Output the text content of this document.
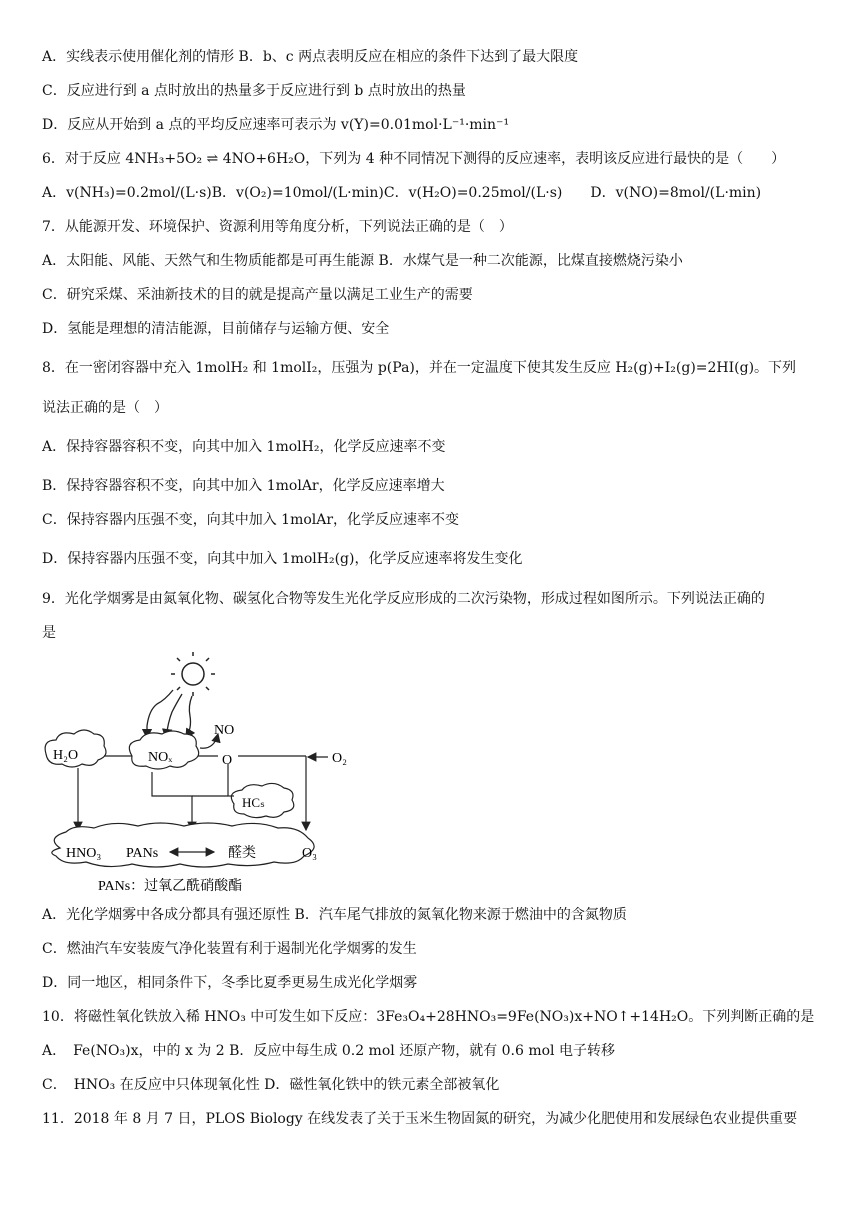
A．实线表示使用催化剂的情形 B．b、c 两点表明反应在相应的条件下达到了最大限度
C．反应进行到 a 点时放出的热量多于反应进行到 b 点时放出的热量
D．反应从开始到 a 点的平均反应速率可表示为 v(Y)=0.01mol·L⁻¹·min⁻¹
6．对于反应 4NH₃+5O₂ ⇌ 4NO+6H₂O，下列为 4 种不同情况下测得的反应速率，表明该反应进行最快的是（　　）
A．v(NH₃)=0.2mol/(L·s)B．v(O₂)=10mol/(L·min)C．v(H₂O)=0.25mol/(L·s)　　D．v(NO)=8mol/(L·min)
7．从能源开发、环境保护、资源利用等角度分析，下列说法正确的是（　）
A．太阳能、风能、天然气和生物质能都是可再生能源 B．水煤气是一种二次能源，比煤直接燃烧污染小
C．研究采煤、采油新技术的目的就是提高产量以满足工业生产的需要
D．氢能是理想的清洁能源，目前储存与运输方便、安全
8．在一密闭容器中充入 1molH₂ 和 1molI₂，压强为 p(Pa)，并在一定温度下使其发生反应 H₂(g)+I₂(g)=2HI(g)。下列
说法正确的是（　）
A．保持容器容积不变，向其中加入 1molH₂，化学反应速率不变
B．保持容器容积不变，向其中加入 1molAr，化学反应速率增大
C．保持容器内压强不变，向其中加入 1molAr，化学反应速率不变
D．保持容器内压强不变，向其中加入 1molH₂(g)，化学反应速率将发生变化
9．光化学烟雾是由氮氧化物、碳氢化合物等发生光化学反应形成的二次污染物，形成过程如图所示。下列说法正确的
是
H₂O	NOₓ
NO
O	O₂
HCₛ
HNO₃ PANs	醛类	O₃
PANs：过氧乙酰硝酸酯
A．光化学烟雾中各成分都具有强还原性 B．汽车尾气排放的氮氧化物来源于燃油中的含氮物质
C．燃油汽车安装废气净化装置有利于遏制光化学烟雾的发生
D．同一地区，相同条件下，冬季比夏季更易生成光化学烟雾
10．将磁性氧化铁放入稀 HNO₃ 中可发生如下反应：3Fe₃O₄+28HNO₃=9Fe(NO₃)x+NO↑+14H₂O。下列判断正确的是
A．　Fe(NO₃)x，中的 x 为 2 B．反应中每生成 0.2 mol 还原产物，就有 0.6 mol 电子转移
C．　HNO₃ 在反应中只体现氧化性 D．磁性氧化铁中的铁元素全部被氧化
11．2018 年 8 月 7 日，PLOS Biology 在线发表了关于玉米生物固氮的研究，为减少化肥使用和发展绿色农业提供重要
